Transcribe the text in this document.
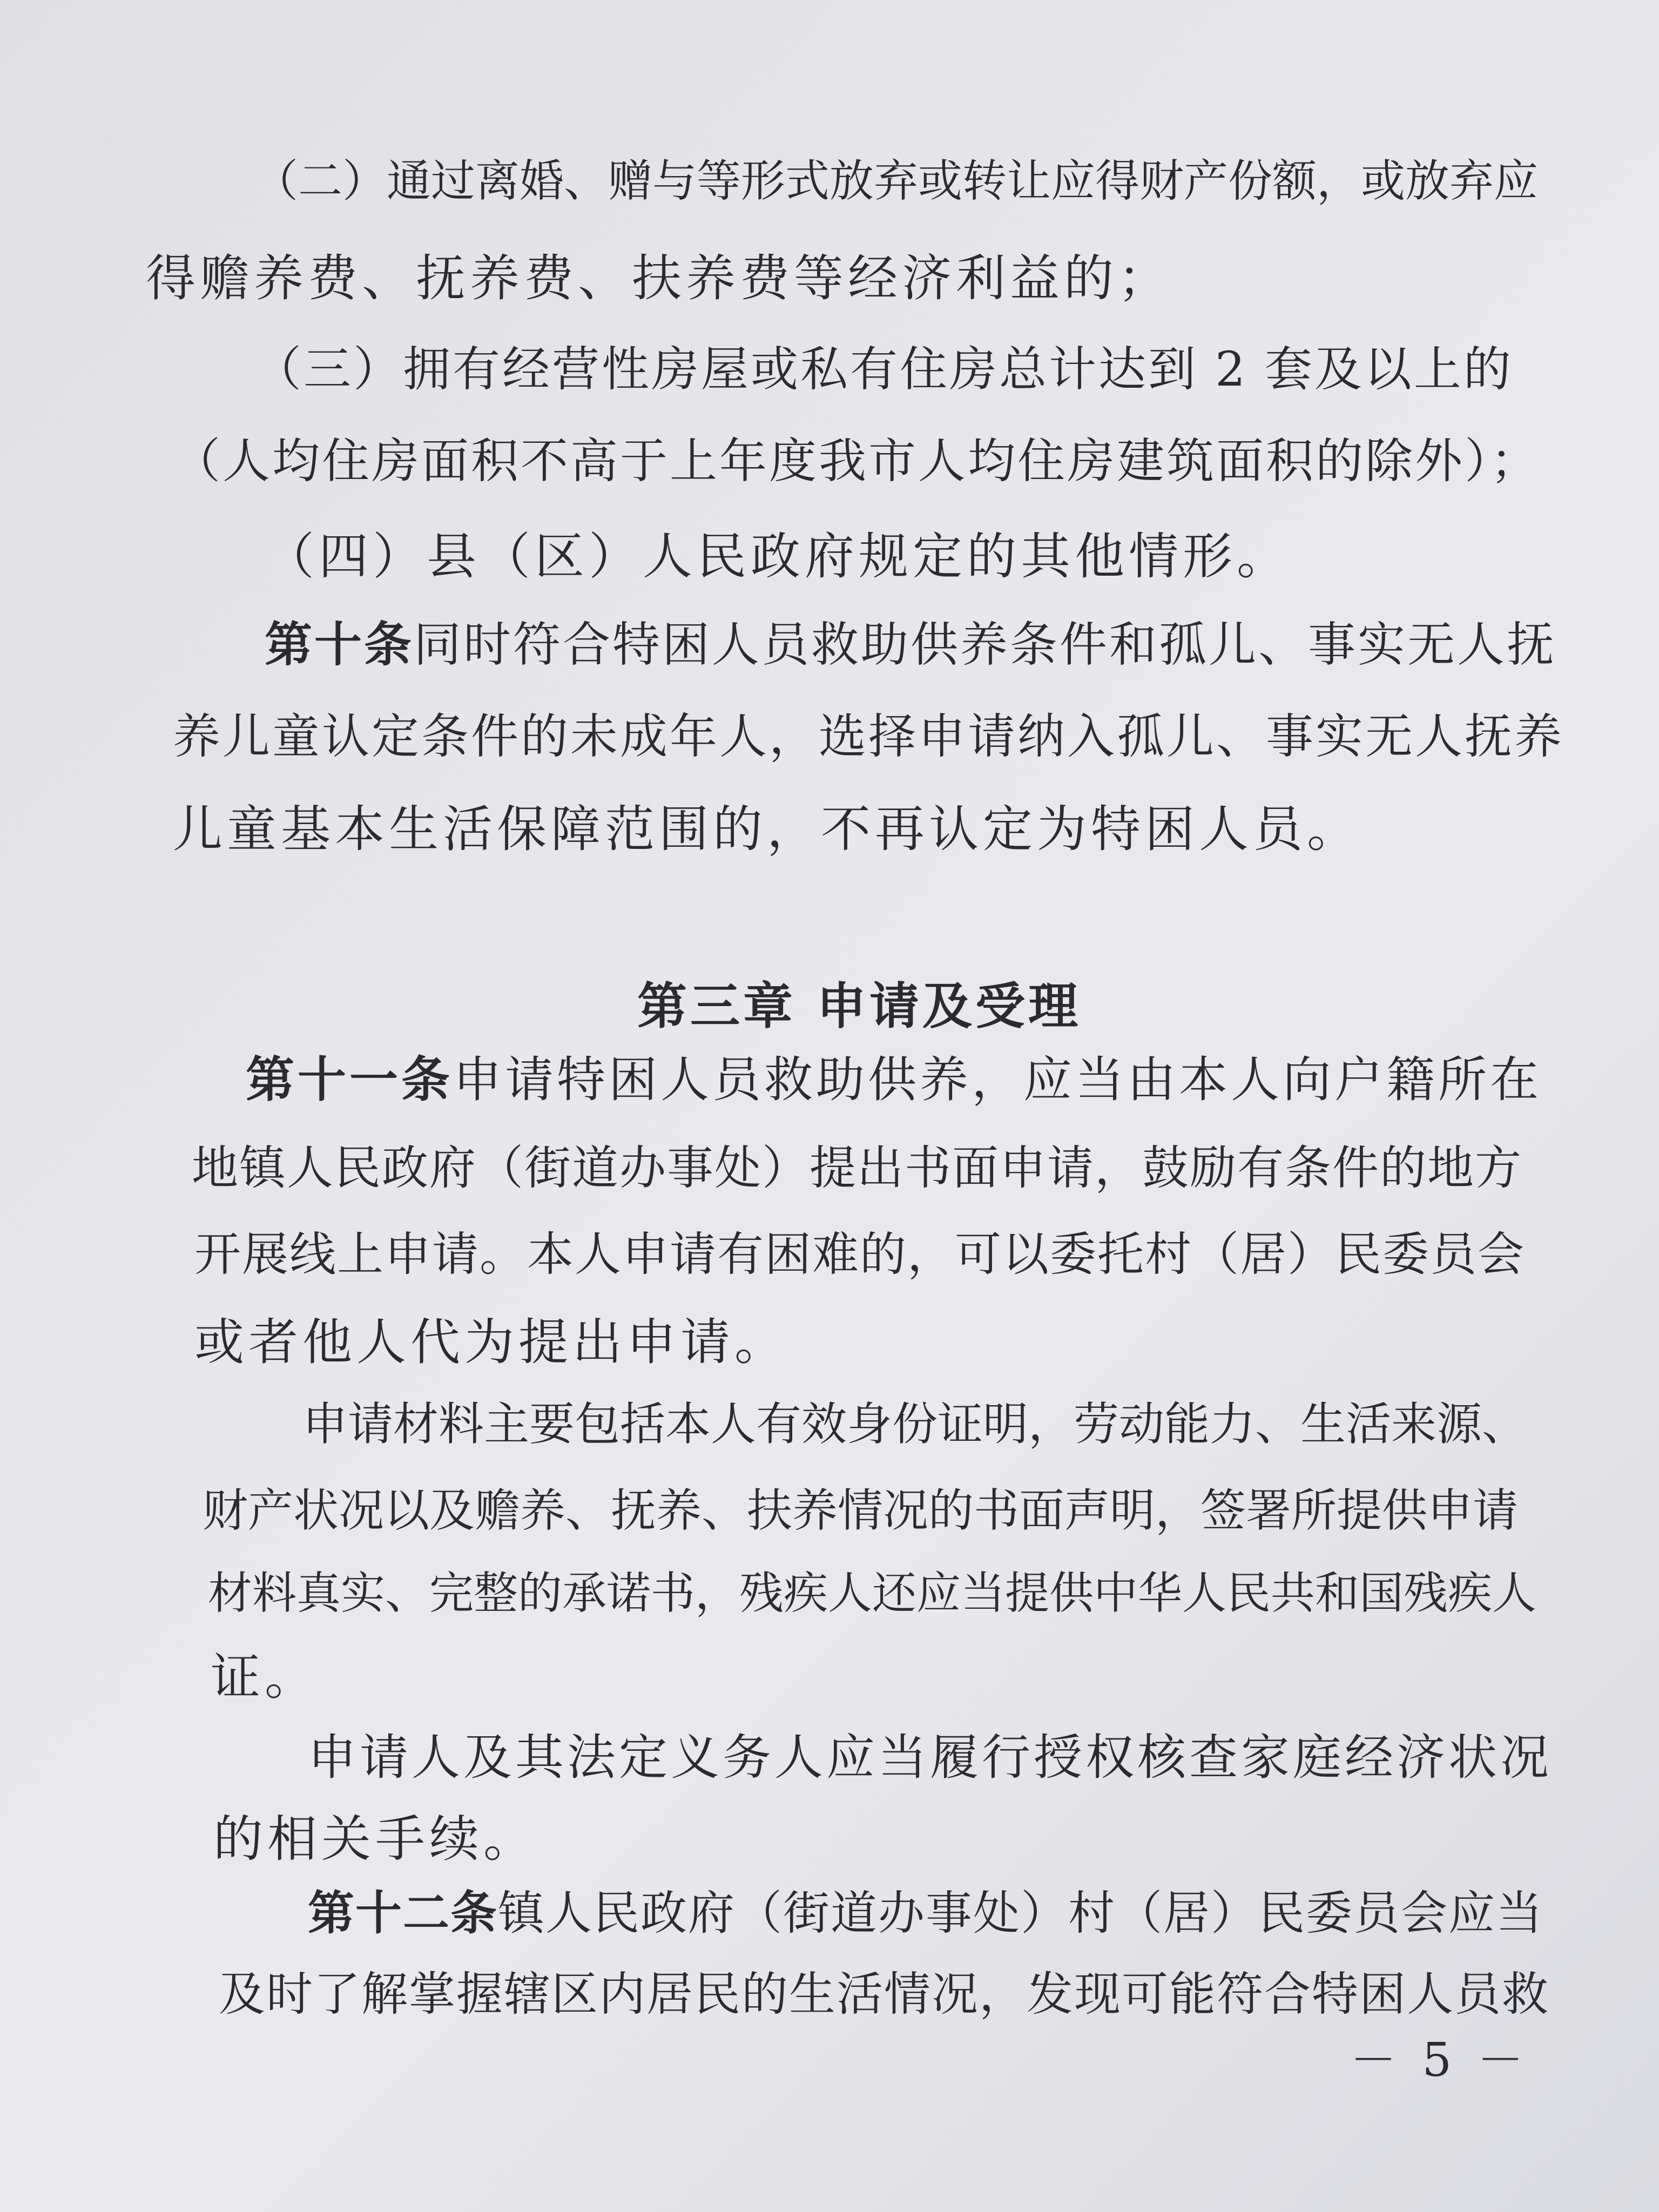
（二）通过离婚、赠与等形式放弃或转让应得财产份额，或放弃应
得赡养费、抚养费、扶养费等经济利益的；
（三）拥有经营性房屋或私有住房总计达到 2 套及以上的
（人均住房面积不高于上年度我市人均住房建筑面积的除外）；
（四）县（区）人民政府规定的其他情形。
第十条同时符合特困人员救助供养条件和孤儿、事实无人抚
养儿童认定条件的未成年人，选择申请纳入孤儿、事实无人抚养
儿童基本生活保障范围的，不再认定为特困人员。
第三章 申请及受理
第十一条申请特困人员救助供养，应当由本人向户籍所在
地镇人民政府（街道办事处）提出书面申请，鼓励有条件的地方
开展线上申请。本人申请有困难的，可以委托村（居）民委员会
或者他人代为提出申请。
申请材料主要包括本人有效身份证明，劳动能力、生活来源、
财产状况以及赡养、抚养、扶养情况的书面声明，签署所提供申请
材料真实、完整的承诺书，残疾人还应当提供中华人民共和国残疾人
证。
申请人及其法定义务人应当履行授权核查家庭经济状况
的相关手续。
第十二条镇人民政府（街道办事处）村（居）民委员会应当
及时了解掌握辖区内居民的生活情况，发现可能符合特困人员救
－ 5 －
